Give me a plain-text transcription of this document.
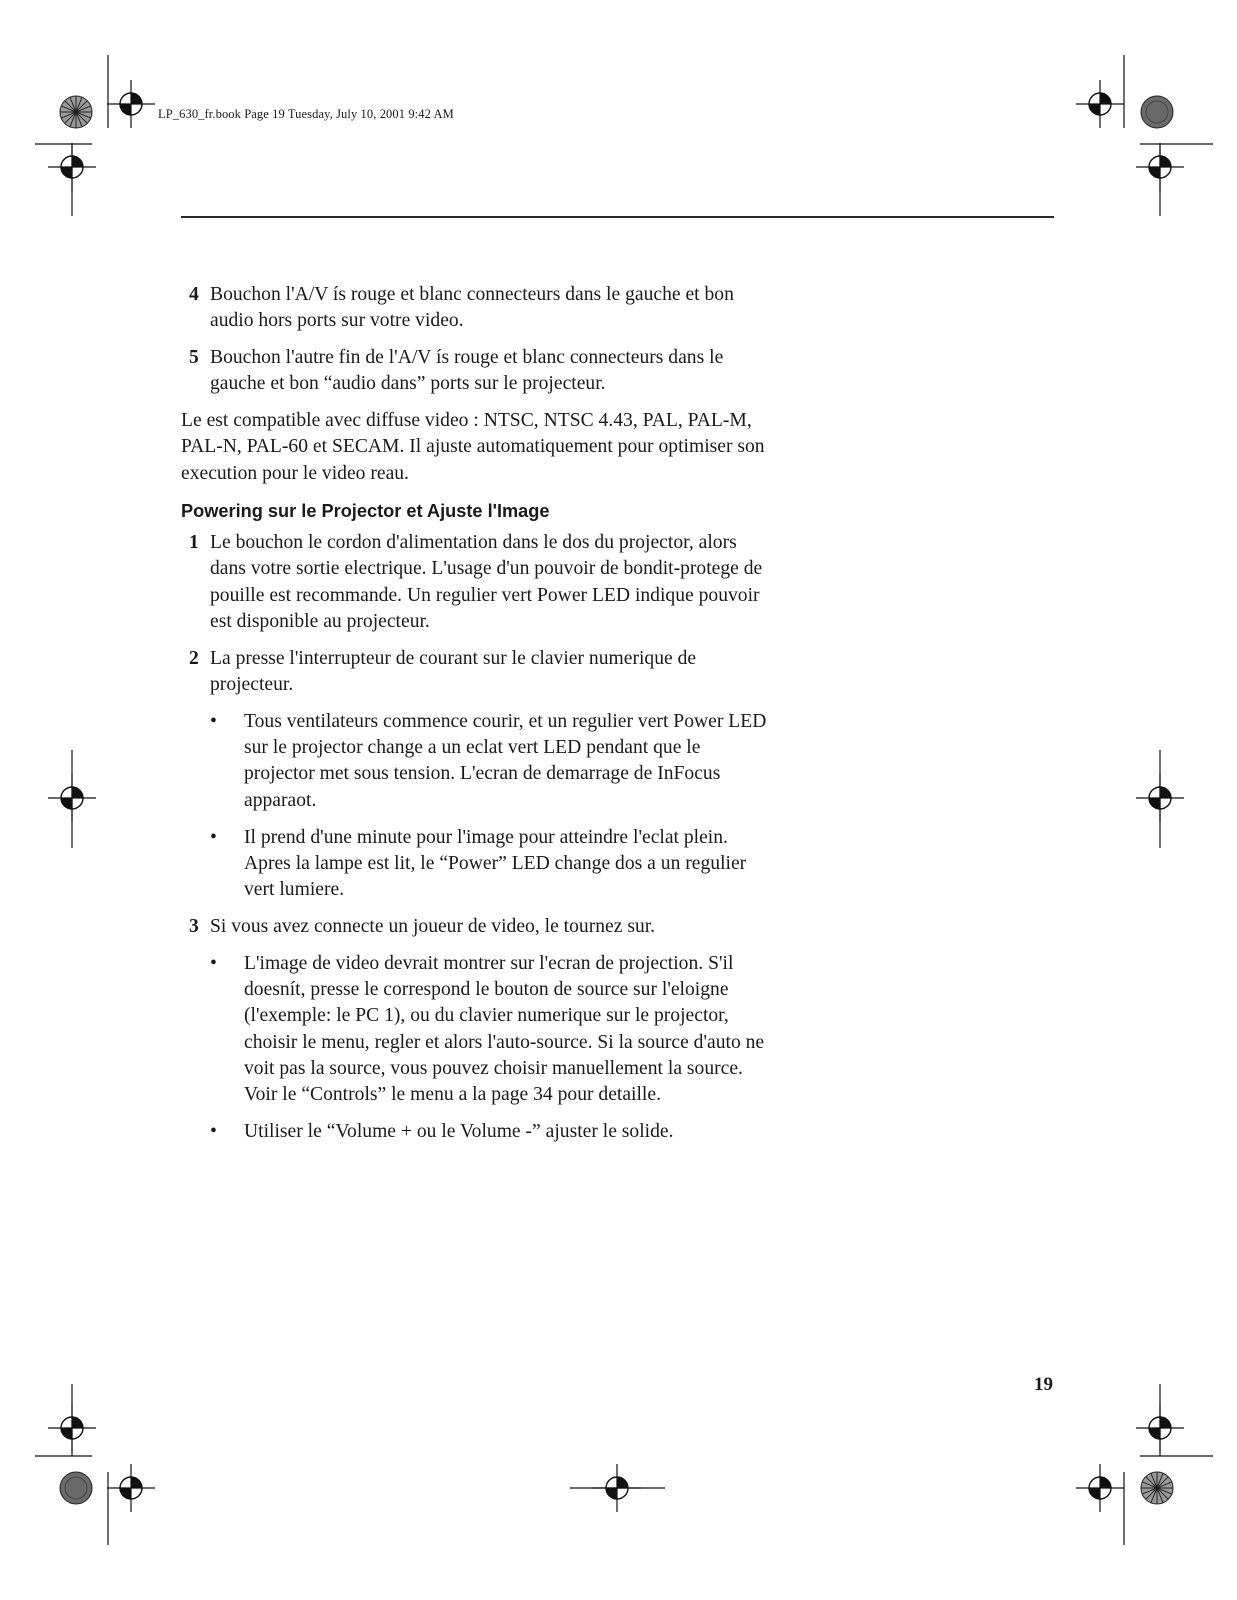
LP_630_fr.book Page 19 Tuesday, July 10, 2001 9:42 AM
4 Bouchon l'A/V ís rouge et blanc connecteurs dans le gauche et bon audio hors ports sur votre video.

5 Bouchon l'autre fin de l'A/V ís rouge et blanc connecteurs dans le gauche et bon “audio dans” ports sur le projecteur.

Le est compatible avec diffuse video : NTSC, NTSC 4.43, PAL, PAL-M, PAL-N, PAL-60 et SECAM. Il ajuste automatiquement pour optimiser son execution pour le video reau.

Powering sur le Projector et Ajuste l'Image
1 Le bouchon le cordon d'alimentation dans le dos du projector, alors dans votre sortie electrique. L'usage d'un pouvoir de bondit-protege de pouille est recommande. Un regulier vert Power LED indique pouvoir est disponible au projecteur.

2 La presse l'interrupteur de courant sur le clavier numerique de projecteur.

• Tous ventilateurs commence courir, et un regulier vert Power LED sur le projector change a un eclat vert LED pendant que le projector met sous tension. L'ecran de demarrage de InFocus apparaot.

• Il prend d'une minute pour l'image pour atteindre l'eclat plein. Apres la lampe est lit, le “Power” LED change dos a un regulier vert lumiere.

3 Si vous avez connecte un joueur de video, le tournez sur.

• L'image de video devrait montrer sur l'ecran de projection. S'il doesnít, presse le correspond le bouton de source sur l'eloigne (l'exemple: le PC 1), ou du clavier numerique sur le projector, choisir le menu, regler et alors l'auto-source. Si la source d'auto ne voit pas la source, vous pouvez choisir manuellement la source. Voir le “Controls” le menu a la page 34 pour detaille.

• Utiliser le “Volume + ou le Volume -” ajuster le solide.

19
